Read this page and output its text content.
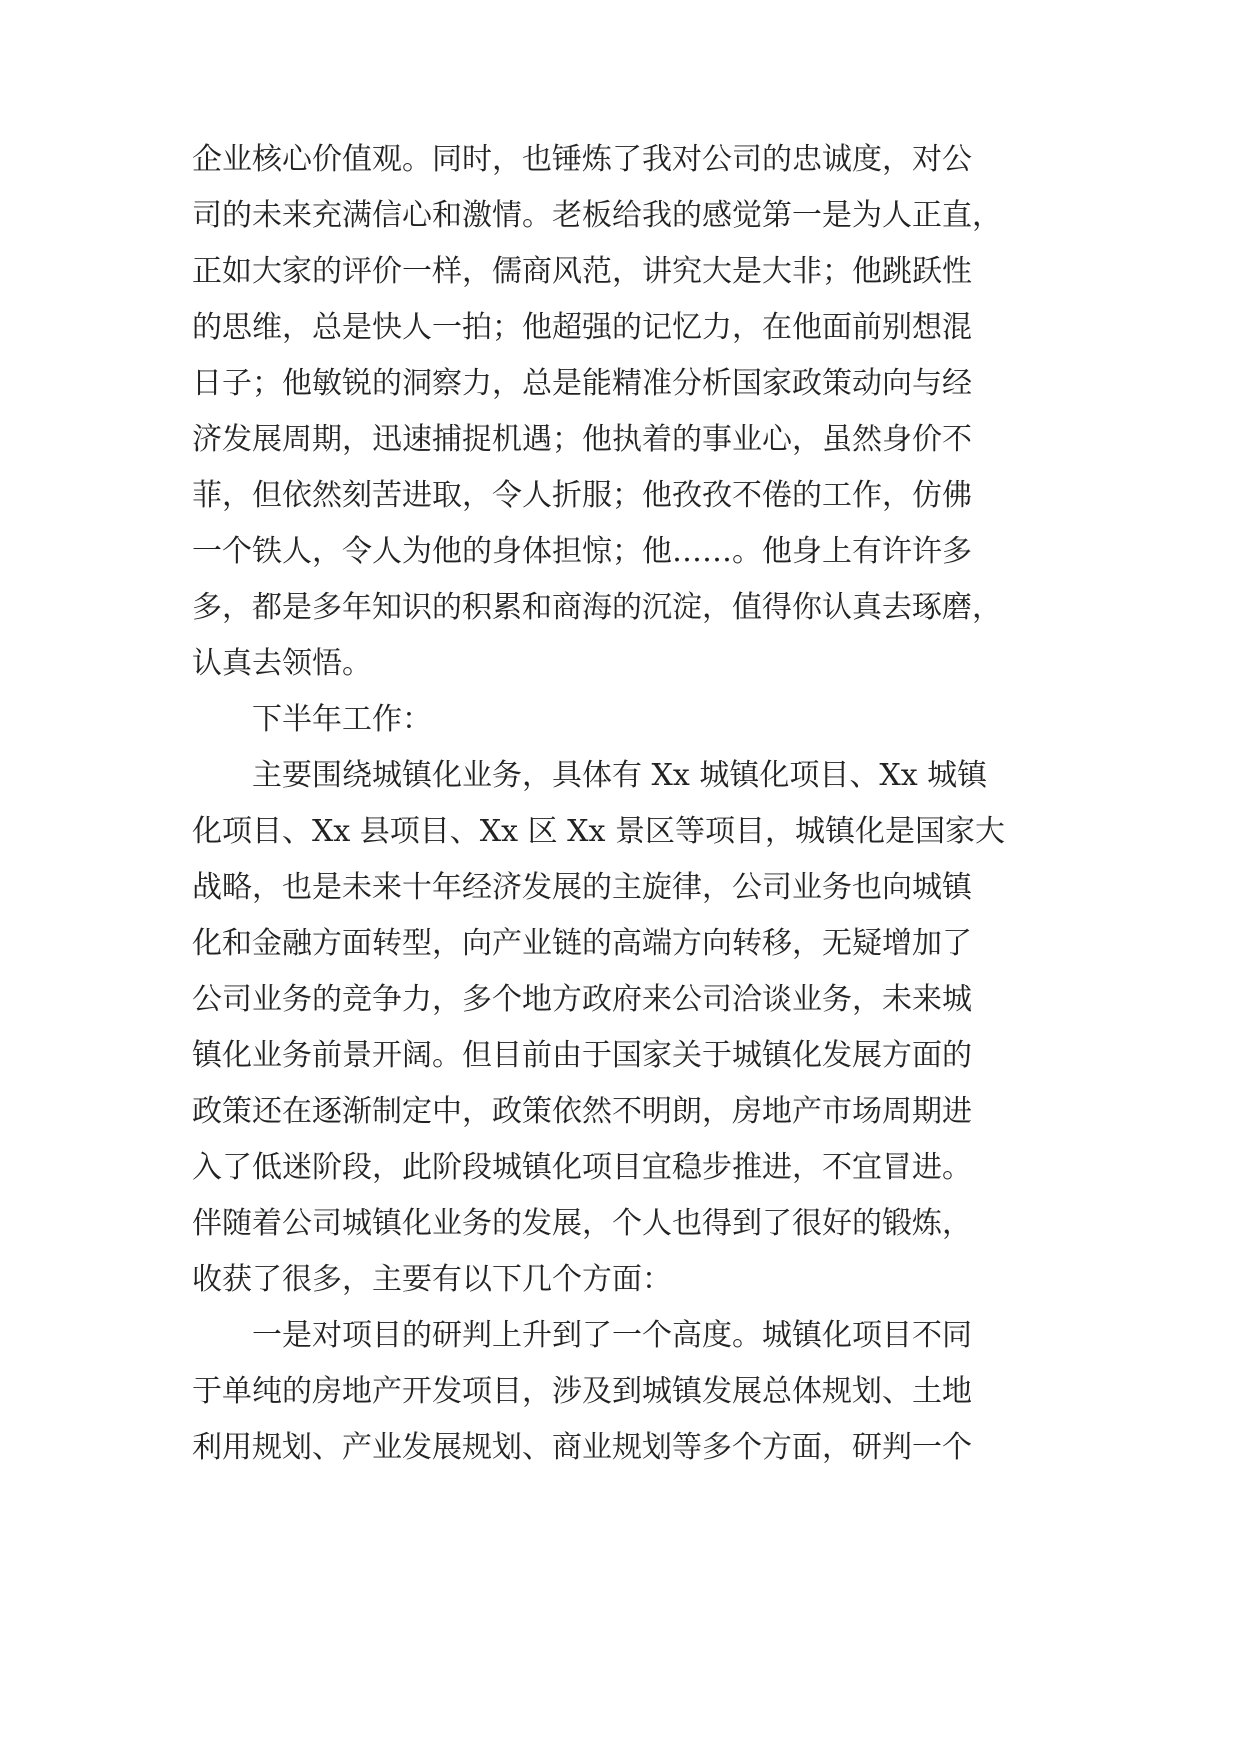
企业核心价值观。同时，也锤炼了我对公司的忠诚度，对公
司的未来充满信心和激情。老板给我的感觉第一是为人正直，
正如大家的评价一样，儒商风范，讲究大是大非；他跳跃性
的思维，总是快人一拍；他超强的记忆力，在他面前别想混
日子；他敏锐的洞察力，总是能精准分析国家政策动向与经
济发展周期，迅速捕捉机遇；他执着的事业心，虽然身价不
菲，但依然刻苦进取，令人折服；他孜孜不倦的工作，仿佛
一个铁人，令人为他的身体担惊；他……。他身上有许许多
多，都是多年知识的积累和商海的沉淀，值得你认真去琢磨，
认真去领悟。
下半年工作：
主要围绕城镇化业务，具体有 Xx 城镇化项目、Xx 城镇
化项目、Xx 县项目、Xx 区 Xx 景区等项目，城镇化是国家大
战略，也是未来十年经济发展的主旋律，公司业务也向城镇
化和金融方面转型，向产业链的高端方向转移，无疑增加了
公司业务的竞争力，多个地方政府来公司洽谈业务，未来城
镇化业务前景开阔。但目前由于国家关于城镇化发展方面的
政策还在逐渐制定中，政策依然不明朗，房地产市场周期进
入了低迷阶段，此阶段城镇化项目宜稳步推进，不宜冒进。
伴随着公司城镇化业务的发展，个人也得到了很好的锻炼，
收获了很多，主要有以下几个方面：
一是对项目的研判上升到了一个高度。城镇化项目不同
于单纯的房地产开发项目，涉及到城镇发展总体规划、土地
利用规划、产业发展规划、商业规划等多个方面，研判一个
